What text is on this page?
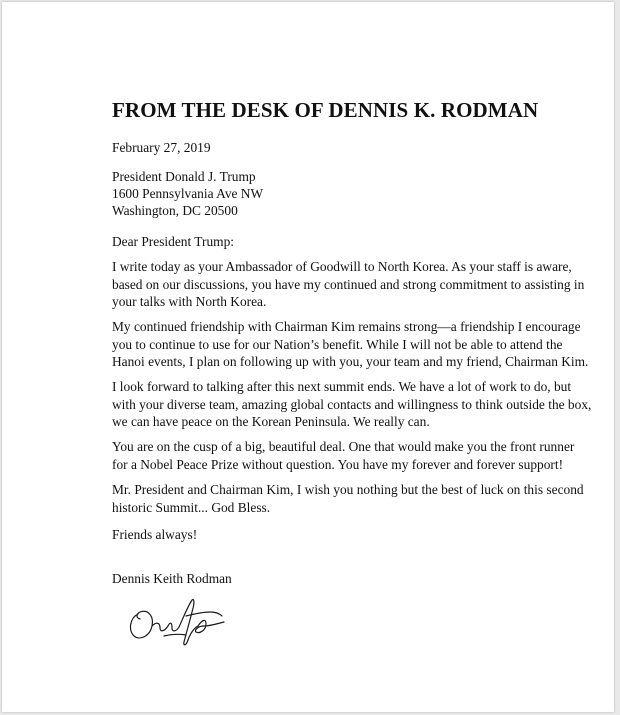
FROM THE DESK OF DENNIS K. RODMAN
February 27, 2019
President Donald J. Trump
1600 Pennsylvania Ave NW
Washington, DC 20500
Dear President Trump:
I write today as your Ambassador of Goodwill to North Korea. As your staff is aware,
based on our discussions, you have my continued and strong commitment to assisting in
your talks with North Korea.
My continued friendship with Chairman Kim remains strong—a friendship I encourage
you to continue to use for our Nation’s benefit. While I will not be able to attend the
Hanoi events, I plan on following up with you, your team and my friend, Chairman Kim.
I look forward to talking after this next summit ends. We have a lot of work to do, but
with your diverse team, amazing global contacts and willingness to think outside the box,
we can have peace on the Korean Peninsula. We really can.
You are on the cusp of a big, beautiful deal. One that would make you the front runner
for a Nobel Peace Prize without question. You have my forever and forever support!
Mr. President and Chairman Kim, I wish you nothing but the best of luck on this second
historic Summit... God Bless.
Friends always!
Dennis Keith Rodman
